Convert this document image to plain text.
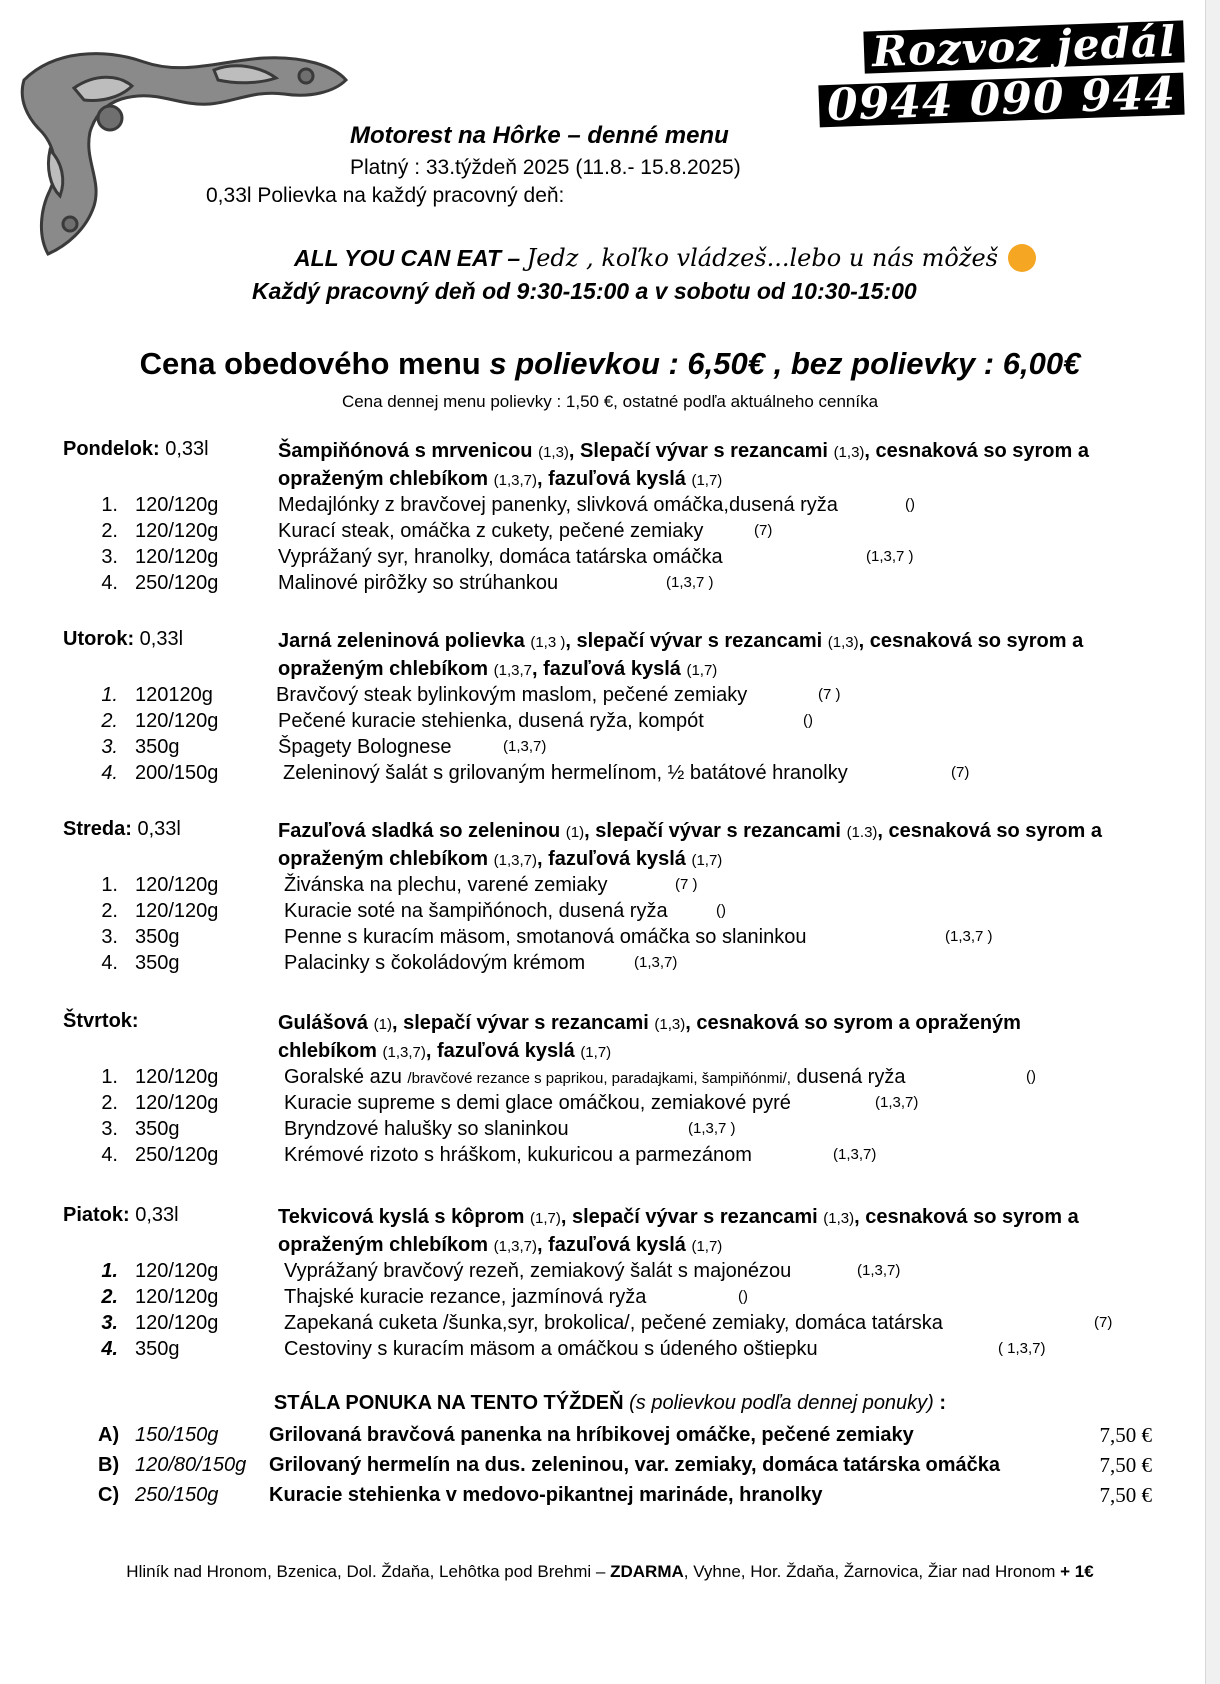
Rozvoz jedál
0944 090 944
Motorest na Hôrke – denné menu
Platný : 33.týždeň 2025 (11.8.- 15.8.2025)
0,33l Polievka na každý pracovný deň:
ALL YOU CAN EAT – Jedz , koľko vládzeš...lebo u nás môžeš
Každý pracovný deň od 9:30-15:00 a v sobotu od 10:30-15:00
Cena obedového menu s polievkou : 6,50€ , bez polievky : 6,00€
Cena dennej menu polievky : 1,50 €, ostatné podľa aktuálneho cenníka
Pondelok: 0,33l	Šampiňónová s mrvenicou (1,3), Slepačí vývar s rezancami (1,3), cesnaková so syrom a opraženým chlebíkom (1,3,7), fazuľová kyslá (1,7)
1. 120/120g	Medajlónky z bravčovej panenky, slivková omáčka,dusená ryža	()
2. 120/120g	Kurací steak, omáčka z cukety, pečené zemiaky	(7)
3. 120/120g	Vyprážaný syr, hranolky, domáca tatárska omáčka	(1,3,7 )
4. 250/120g	Malinové pirôžky so strúhankou	(1,3,7 )
Utorok: 0,33l	Jarná zeleninová polievka (1,3 ), slepačí vývar s rezancami (1,3), cesnaková so syrom a opraženým chlebíkom (1,3,7, fazuľová kyslá (1,7)
1. 120120g	Bravčový steak bylinkovým maslom, pečené zemiaky	(7 )
2. 120/120g	Pečené kuracie stehienka, dusená ryža, kompót	()
3. 350g	Špagety Bolognese	(1,3,7)
4. 200/150g	Zeleninový šalát s grilovaným hermelínom, ½ batátové hranolky	(7)
Streda: 0,33l	Fazuľová sladká so zeleninou (1), slepačí vývar s rezancami (1.3), cesnaková so syrom a opraženým chlebíkom (1,3,7), fazuľová kyslá (1,7)
1. 120/120g	Živánska na plechu, varené zemiaky	(7 )
2. 120/120g	Kuracie soté na šampiňónoch, dusená ryža	()
3. 350g	Penne s kuracím mäsom, smotanová omáčka so slaninkou	(1,3,7 )
4. 350g	Palacinky s čokoládovým krémom	(1,3,7)
Štvrtok:	Gulášová (1), slepačí vývar s rezancami (1,3), cesnaková so syrom a opraženým chlebíkom (1,3,7), fazuľová kyslá (1,7)
1. 120/120g	Goralské azu /bravčové rezance s paprikou, paradajkami, šampiňónmi/, dusená ryža	()
2. 120/120g	Kuracie supreme s demi glace omáčkou, zemiakové pyré	(1,3,7)
3. 350g	Bryndzové halušky so slaninkou	(1,3,7 )
4. 250/120g	Krémové rizoto s hráškom, kukuricou a parmezánom	(1,3,7)
Piatok: 0,33l	Tekvicová kyslá s kôprom (1,7), slepačí vývar s rezancami (1,3), cesnaková so syrom a opraženým chlebíkom (1,3,7), fazuľová kyslá (1,7)
1. 120/120g	Vyprážaný bravčový rezeň, zemiakový šalát s majonézou	(1,3,7)
2. 120/120g	Thajské kuracie rezance, jazmínová ryža	()
3. 120/120g	Zapekaná cuketa /šunka,syr, brokolica/, pečené zemiaky, domáca tatárska	(7)
4. 350g	Cestoviny s kuracím mäsom a omáčkou s údeného oštiepku	( 1,3,7)
STÁLA PONUKA NA TENTO TÝŽDEŇ (s polievkou podľa dennej ponuky) :
A) 150/150g	Grilovaná bravčová panenka na hríbikovej omáčke, pečené zemiaky	7,50 €
B) 120/80/150g Grilovaný hermelín na dus. zeleninou, var. zemiaky, domáca tatárska omáčka	7,50 €
C) 250/150g	Kuracie stehienka v medovo-pikantnej marináde, hranolky	7,50 €
Hliník nad Hronom, Bzenica, Dol. Ždaňa, Lehôtka pod Brehmi – ZDARMA, Vyhne, Hor. Ždaňa, Žarnovica, Žiar nad Hronom + 1€
